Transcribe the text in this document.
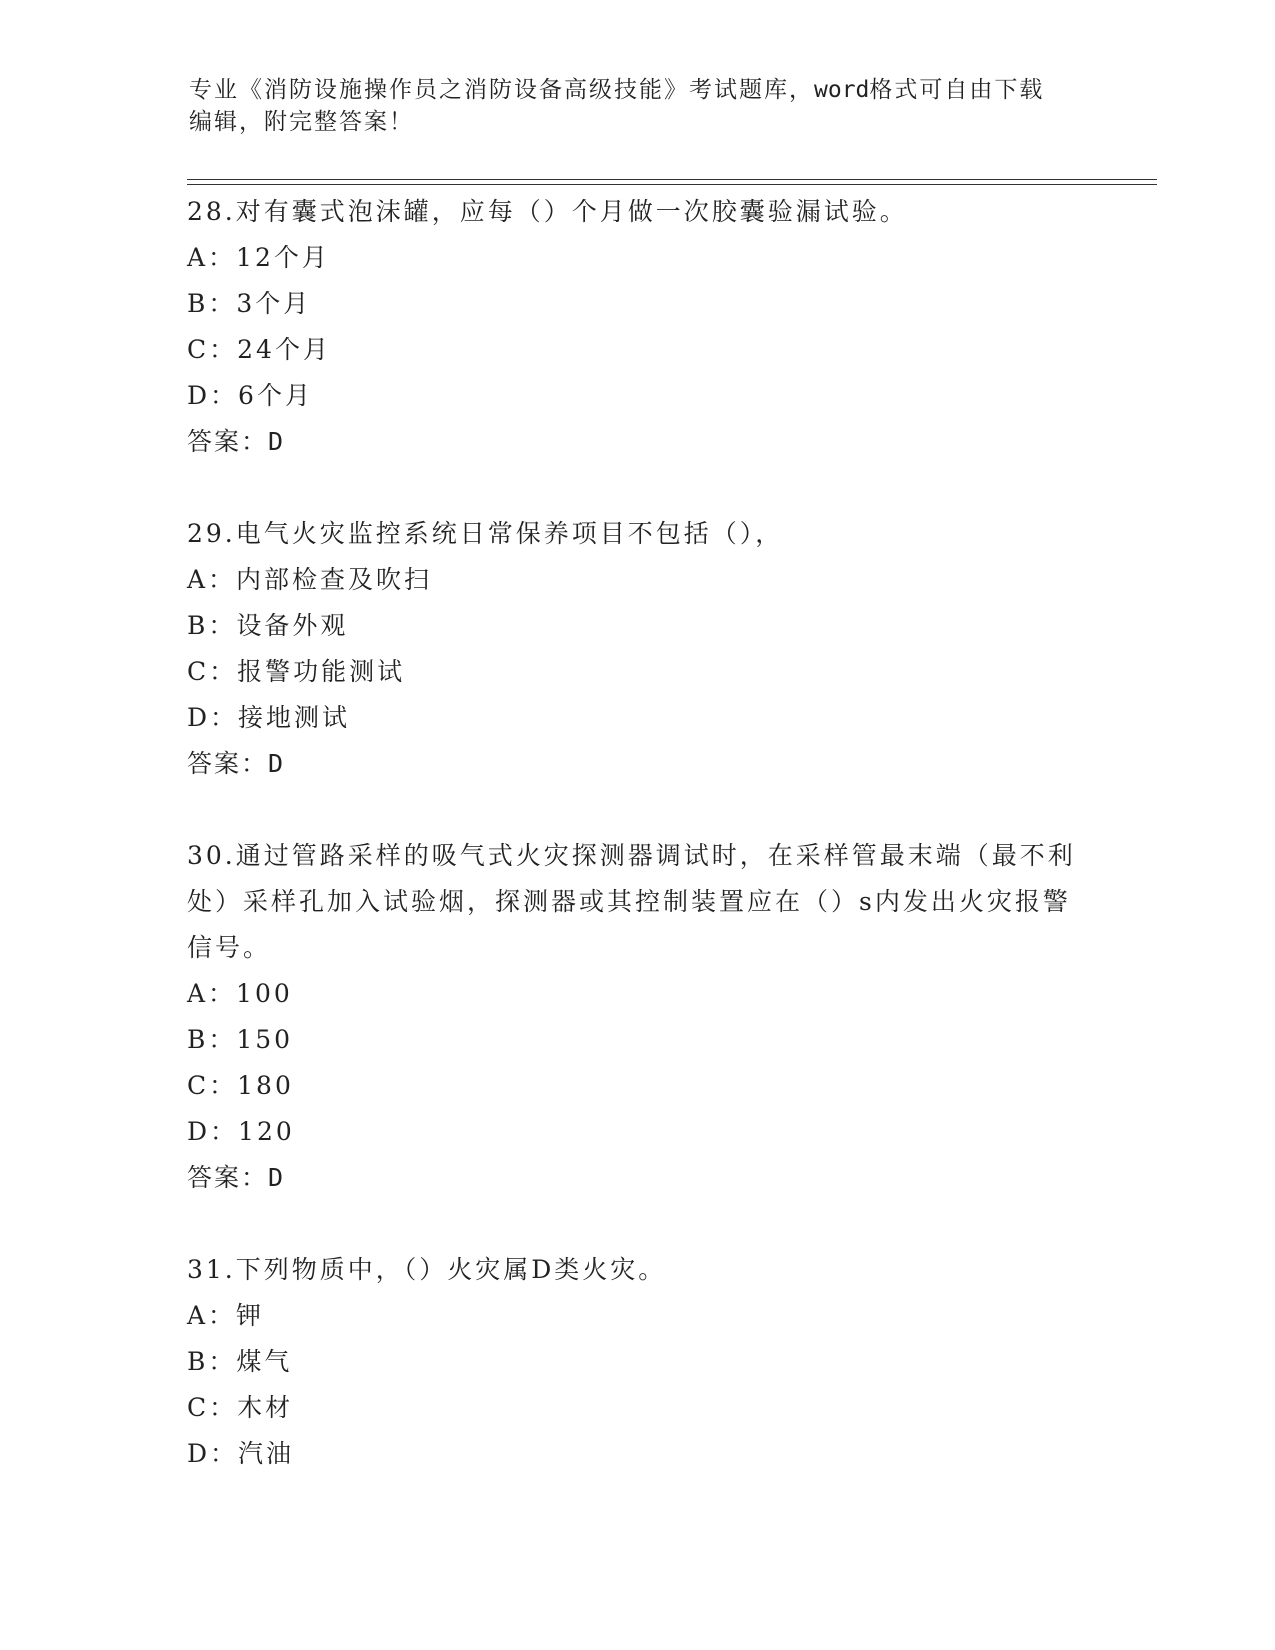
专业《消防设施操作员之消防设备高级技能》考试题库，word格式可自由下载编辑，附完整答案！
28.对有囊式泡沫罐，应每（）个月做一次胶囊验漏试验。
A：12个月
B：3个月
C：24个月
D：6个月
答案：D
29.电气火灾监控系统日常保养项目不包括（），
A：内部检查及吹扫
B：设备外观
C：报警功能测试
D：接地测试
答案：D
30.通过管路采样的吸气式火灾探测器调试时，在采样管最末端（最不利处）采样孔加入试验烟，探测器或其控制装置应在（）s内发出火灾报警信号。
A：100
B：150
C：180
D：120
答案：D
31.下列物质中，（）火灾属D类火灾。
A：钾
B：煤气
C：木材
D：汽油
